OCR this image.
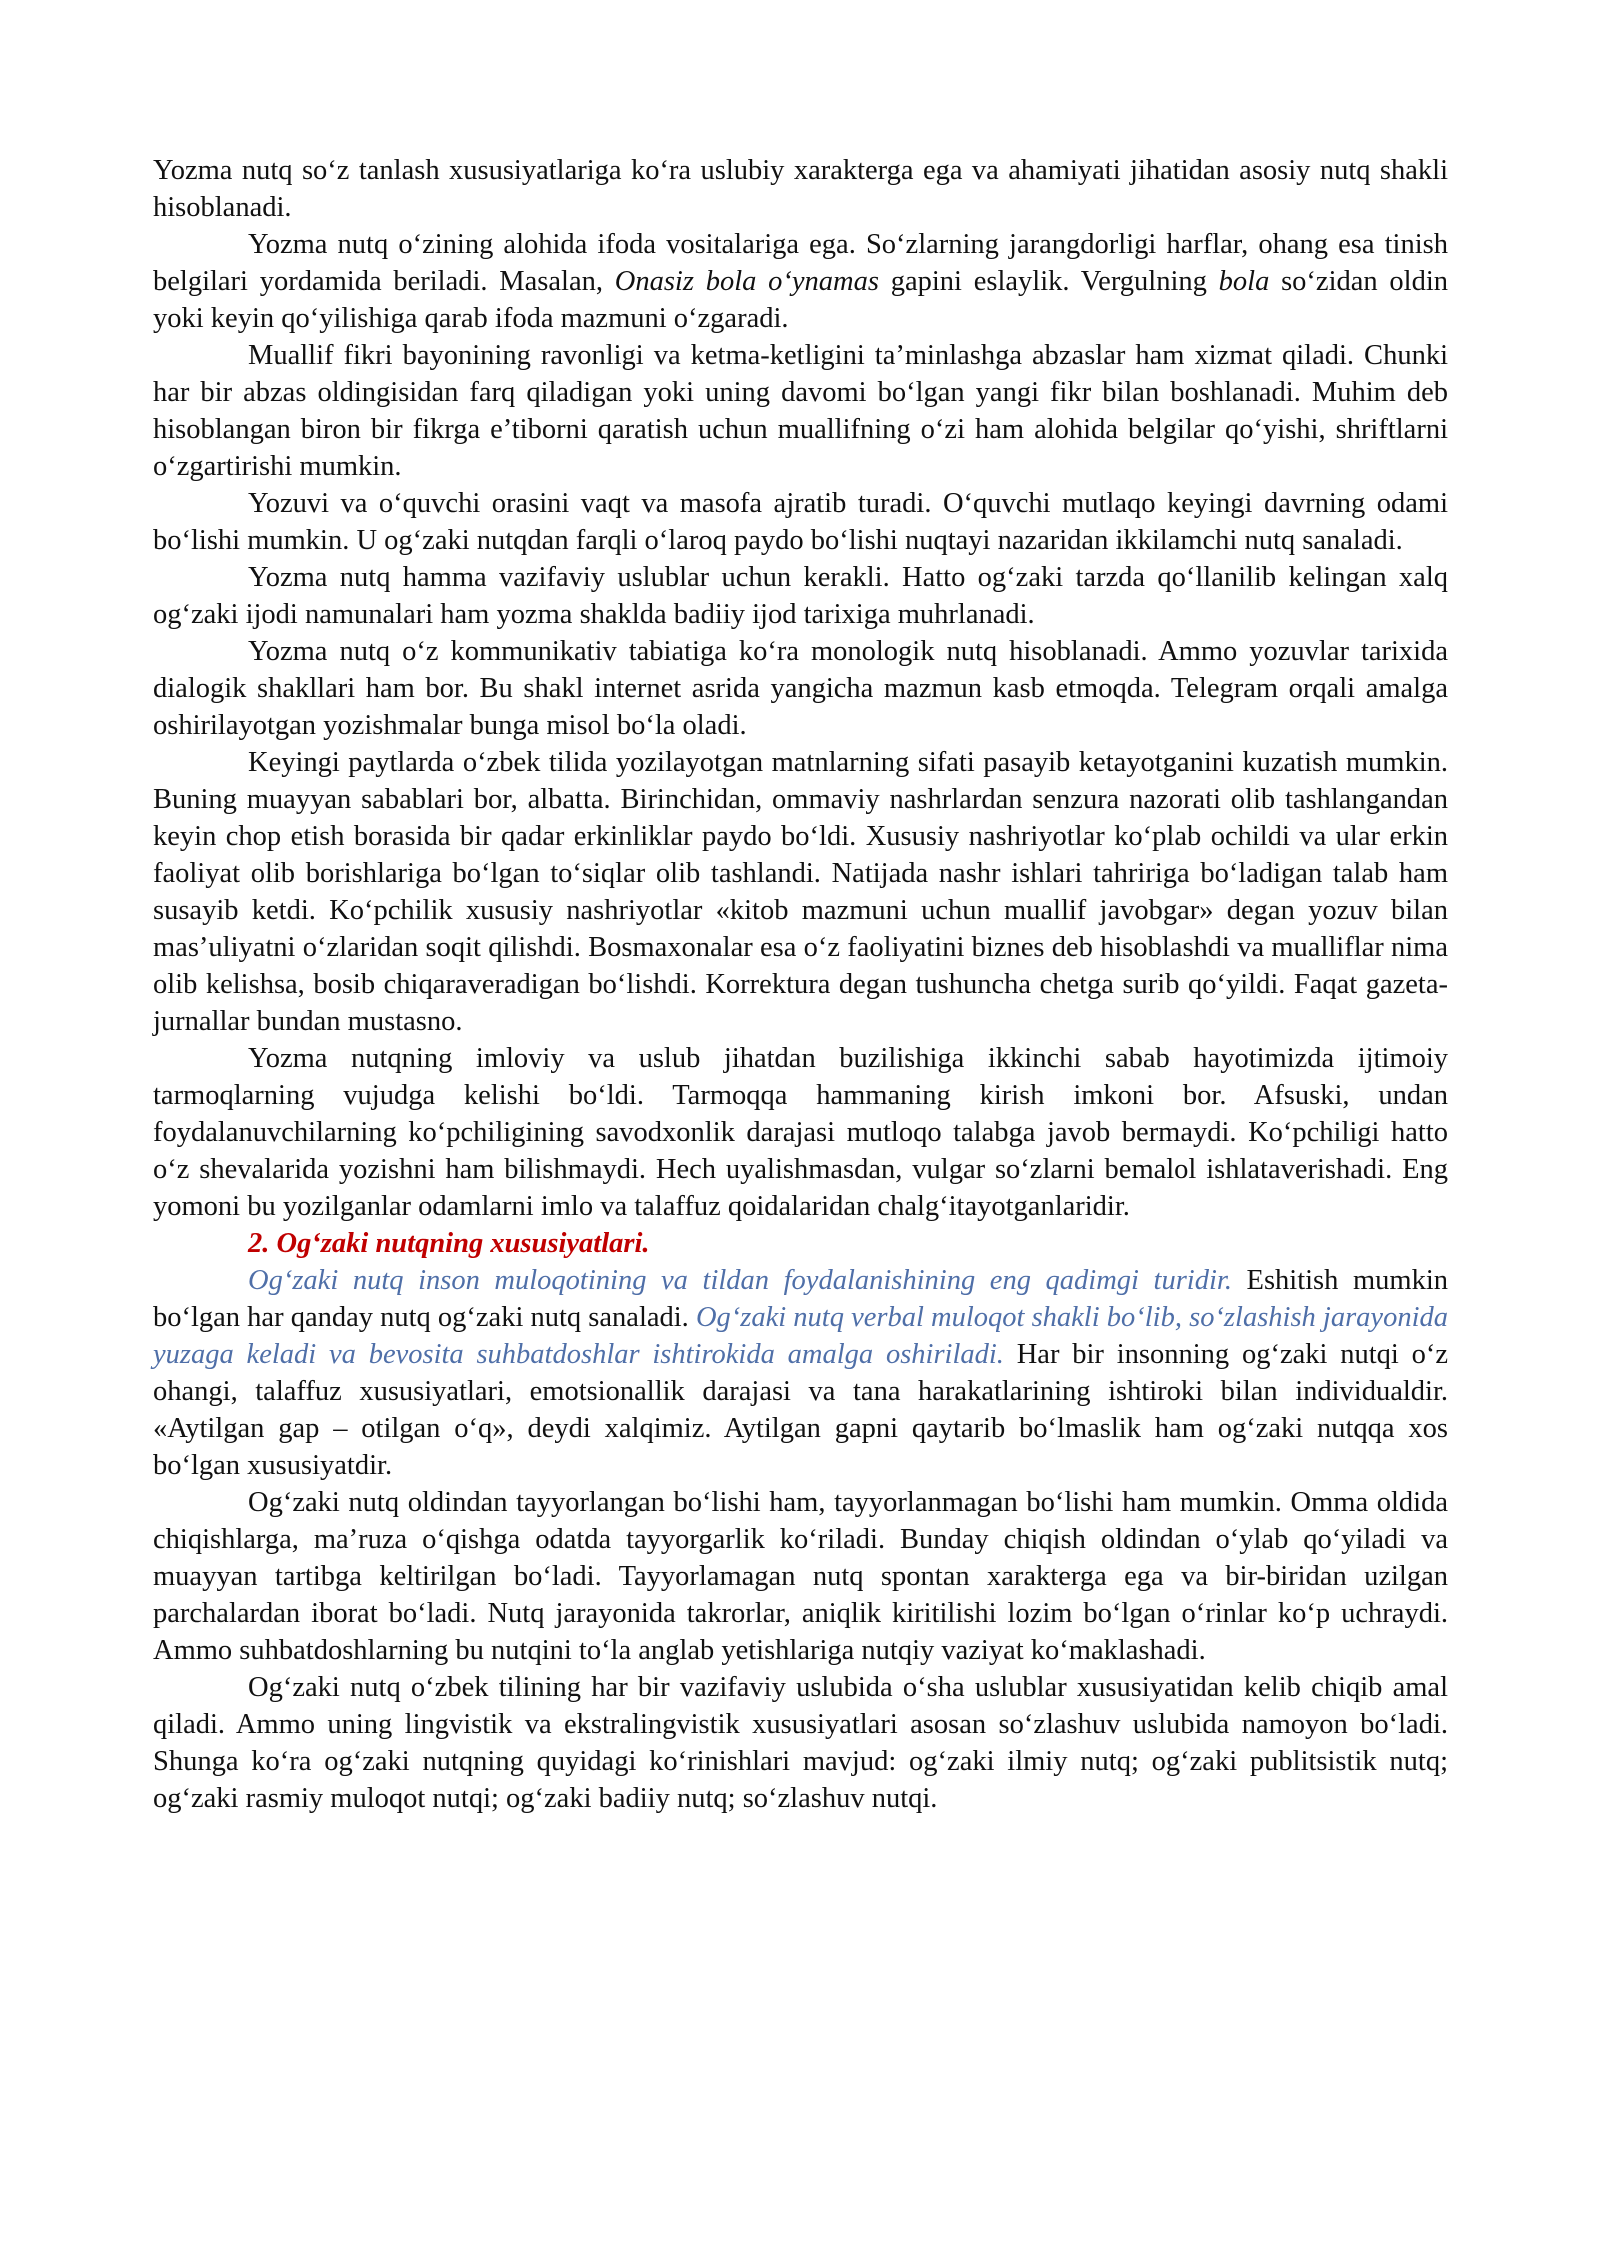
Yozma nutq so‘z tanlash xususiyatlariga ko‘ra uslubiy xarakterga ega va ahamiyati jihatidan asosiy nutq shakli hisoblanadi.

Yozma nutq o‘zining alohida ifoda vositalariga ega. So‘zlarning jarangdorligi harflar, ohang esa tinish belgilari yordamida beriladi. Masalan, Onasiz bola o‘ynamas gapini eslaylik. Vergulning bola so‘zidan oldin yoki keyin qo‘yilishiga qarab ifoda mazmuni o‘zgaradi.

Muallif fikri bayonining ravonligi va ketma-ketligini ta’minlashga abzaslar ham xizmat qiladi. Chunki har bir abzas oldingisidan farq qiladigan yoki uning davomi bo‘lgan yangi fikr bilan boshlanadi. Muhim deb hisoblangan biron bir fikrga e’tiborni qaratish uchun muallifning o‘zi ham alohida belgilar qo‘yishi, shriftlarni o‘zgartirishi mumkin.

Yozuvi va o‘quvchi orasini vaqt va masofa ajratib turadi. O‘quvchi mutlaqo keyingi davrning odami bo‘lishi mumkin. U og‘zaki nutqdan farqli o‘laroq paydo bo‘lishi nuqtayi nazaridan ikkilamchi nutq sanaladi.

Yozma nutq hamma vazifaviy uslublar uchun kerakli. Hatto og‘zaki tarzda qo‘llanilib kelingan xalq og‘zaki ijodi namunalari ham yozma shaklda badiiy ijod tarixiga muhrlanadi.

Yozma nutq o‘z kommunikativ tabiatiga ko‘ra monologik nutq hisoblanadi. Ammo yozuvlar tarixida dialogik shakllari ham bor. Bu shakl internet asrida yangicha mazmun kasb etmoqda. Telegram orqali amalga oshirilayotgan yozishmalar bunga misol bo‘la oladi.

Keyingi paytlarda o‘zbek tilida yozilayotgan matnlarning sifati pasayib ketayotganini kuzatish mumkin. Buning muayyan sabablari bor, albatta. Birinchidan, ommaviy nashrlardan senzura nazorati olib tashlangandan keyin chop etish borasida bir qadar erkinliklar paydo bo‘ldi. Xususiy nashriyotlar ko‘plab ochildi va ular erkin faoliyat olib borishlariga bo‘lgan to‘siqlar olib tashlandi. Natijada nashr ishlari tahririga bo‘ladigan talab ham susayib ketdi. Ko‘pchilik xususiy nashriyotlar «kitob mazmuni uchun muallif javobgar» degan yozuv bilan mas’uliyatni o‘zlaridan soqit qilishdi. Bosmaxonalar esa o‘z faoliyatini biznes deb hisoblashdi va mualliflar nima olib kelishsa, bosib chiqaraveradigan bo‘lishdi. Korrektura degan tushuncha chetga surib qo‘yildi. Faqat gazeta-jurnallar bundan mustasno.

Yozma nutqning imloviy va uslub jihatdan buzilishiga ikkinchi sabab hayotimizda ijtimoiy tarmoqlarning vujudga kelishi bo‘ldi. Tarmoqqa hammaning kirish imkoni bor. Afsuski, undan foydalanuvchilarning ko‘pchiligining savodxonlik darajasi mutloqo talabga javob bermaydi. Ko‘pchiligi hatto o‘z shevalarida yozishni ham bilishmaydi. Hech uyalishmasdan, vulgar so‘zlarni bemalol ishlataverishadi. Eng yomoni bu yozilganlar odamlarni imlo va talaffuz qoidalaridan chalg‘itayotganlaridir.

2. Og‘zaki nutqning xususiyatlari.

Og‘zaki nutq inson muloqotining va tildan foydalanishining eng qadimgi turidir. Eshitish mumkin bo‘lgan har qanday nutq og‘zaki nutq sanaladi. Og‘zaki nutq verbal muloqot shakli bo‘lib, so‘zlashish jarayonida yuzaga keladi va bevosita suhbatdoshlar ishtirokida amalga oshiriladi. Har bir insonning og‘zaki nutqi o‘z ohangi, talaffuz xususiyatlari, emotsionallik darajasi va tana harakatlarining ishtiroki bilan individualdir. «Aytilgan gap – otilgan o‘q», deydi xalqimiz. Aytilgan gapni qaytarib bo‘lmaslik ham og‘zaki nutqqa xos bo‘lgan xususiyatdir.

Og‘zaki nutq oldindan tayyorlangan bo‘lishi ham, tayyorlanmagan bo‘lishi ham mumkin. Omma oldida chiqishlarga, ma’ruza o‘qishga odatda tayyorgarlik ko‘riladi. Bunday chiqish oldindan o‘ylab qo‘yiladi va muayyan tartibga keltirilgan bo‘ladi. Tayyorlamagan nutq spontan xarakterga ega va bir-biridan uzilgan parchalardan iborat bo‘ladi. Nutq jarayonida takrorlar, aniqlik kiritilishi lozim bo‘lgan o‘rinlar ko‘p uchraydi. Ammo suhbatdoshlarning bu nutqini to‘la anglab yetishlariga nutqiy vaziyat ko‘maklashadi.

Og‘zaki nutq o‘zbek tilining har bir vazifaviy uslubida o‘sha uslublar xususiyatidan kelib chiqib amal qiladi. Ammo uning lingvistik va ekstralingvistik xususiyatlari asosan so‘zlashuv uslubida namoyon bo‘ladi. Shunga ko‘ra og‘zaki nutqning quyidagi ko‘rinishlari mavjud: og‘zaki ilmiy nutq; og‘zaki publitsistik nutq; og‘zaki rasmiy muloqot nutqi; og‘zaki badiiy nutq; so‘zlashuv nutqi.
